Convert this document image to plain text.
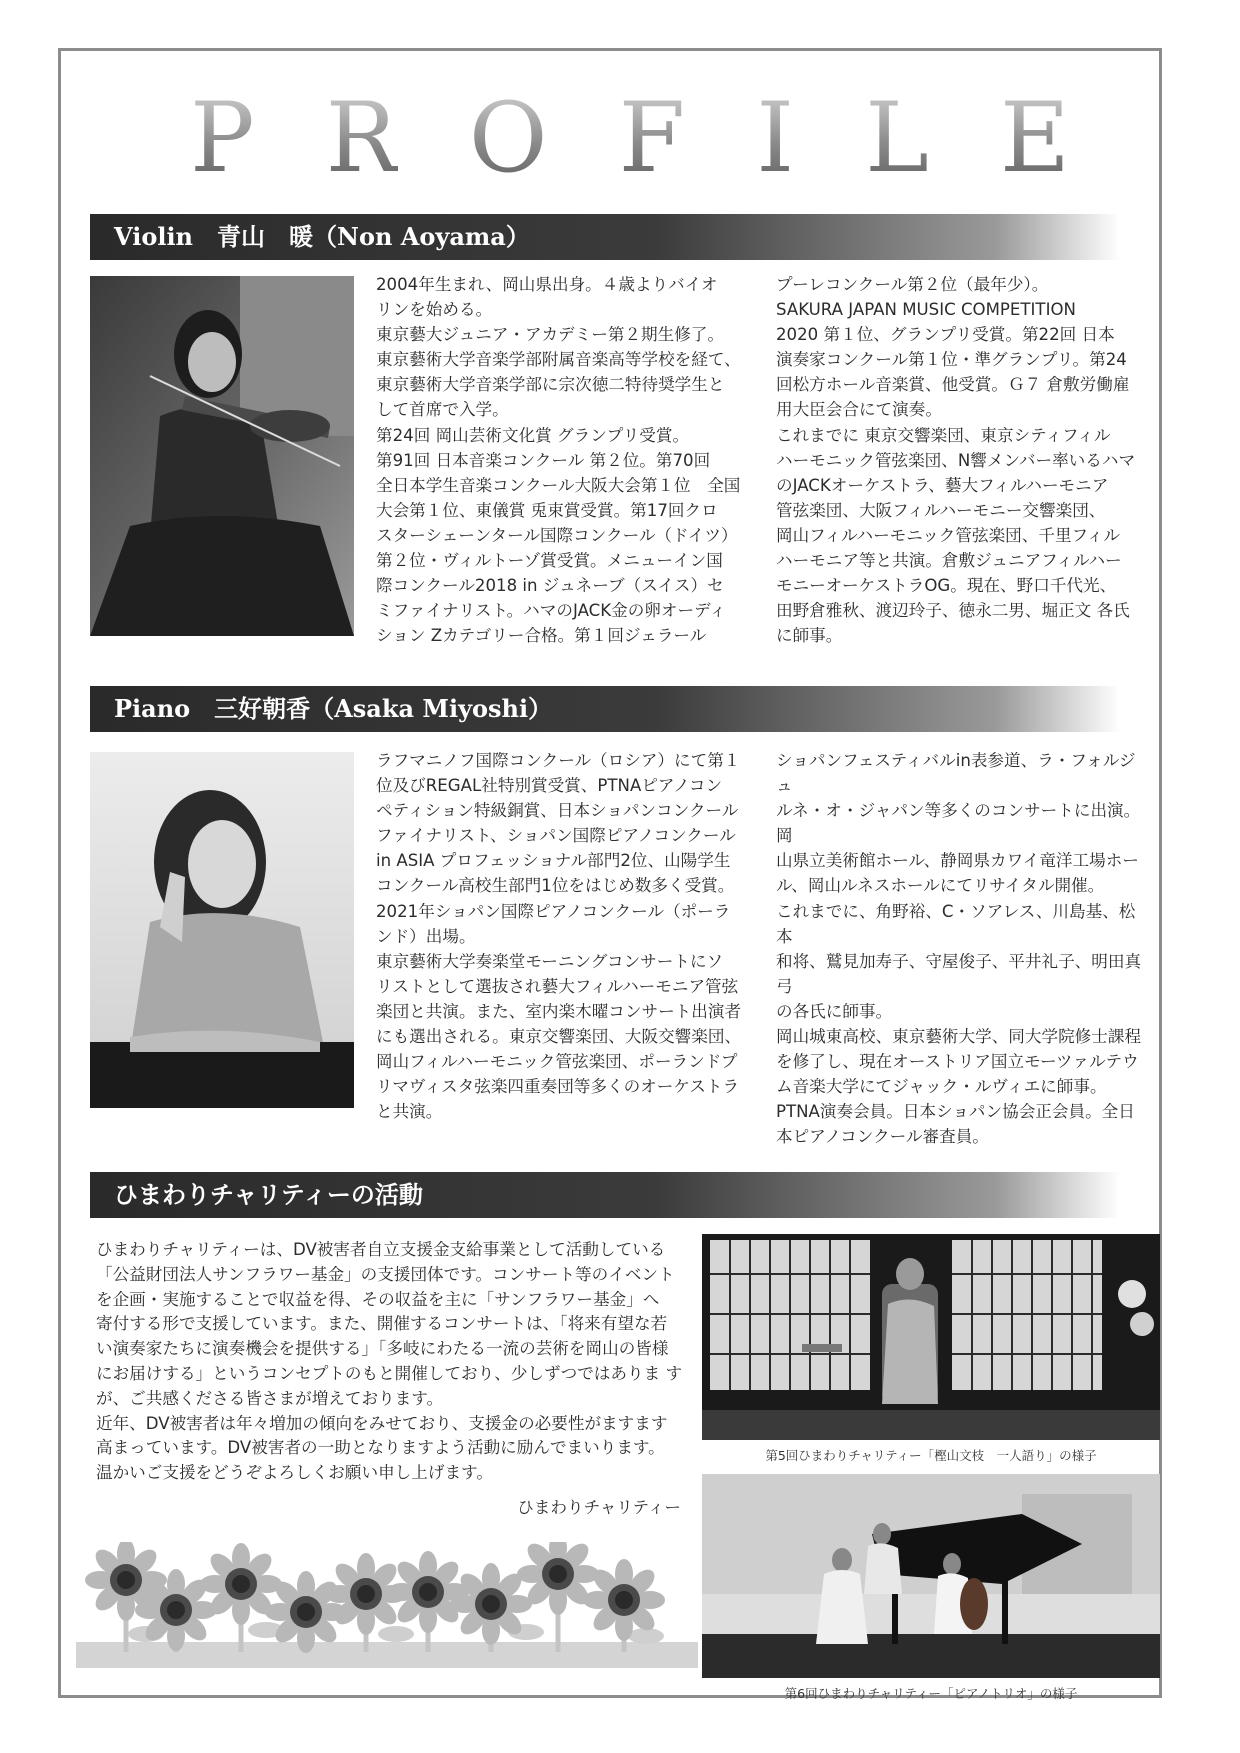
P R O F I L E
Violin　青山　暖（Non Aoyama）
2004年生まれ、岡山県出身。４歳よりバイオ
リンを始める。
東京藝大ジュニア・アカデミー第２期生修了。
東京藝術大学音楽学部附属音楽高等学校を経て、
東京藝術大学音楽学部に宗次徳二特待奨学生と
して首席で入学。
第24回 岡山芸術文化賞 グランプリ受賞。
第91回 日本音楽コンクール 第２位。第70回
全日本学生音楽コンクール大阪大会第１位　全国
大会第１位、東儀賞 兎束賞受賞。第17回クロ
スターシェーンタール国際コンクール（ドイツ）
第２位・ヴィルトーゾ賞受賞。メニューイン国
際コンクール2018 in ジュネーブ（スイス）セ
ミファイナリスト。ハマのJACK金の卵オーディ
ション Zカテゴリー合格。第１回ジェラール
プーレコンクール第２位（最年少）。
SAKURA JAPAN MUSIC COMPETITION
2020 第１位、グランプリ受賞。第22回 日本
演奏家コンクール第１位・準グランプリ。第24
回松方ホール音楽賞、他受賞。Ｇ７ 倉敷労働雇
用大臣会合にて演奏。
これまでに 東京交響楽団、東京シティフィル
ハーモニック管弦楽団、N響メンバー率いるハマ
のJACKオーケストラ、藝大フィルハーモニア
管弦楽団、大阪フィルハーモニー交響楽団、
岡山フィルハーモニック管弦楽団、千里フィル
ハーモニア等と共演。倉敷ジュニアフィルハー
モニーオーケストラOG。現在、野口千代光、
田野倉雅秋、渡辺玲子、徳永二男、堀正文 各氏
に師事。
Piano　三好朝香（Asaka Miyoshi）
ラフマニノフ国際コンクール（ロシア）にて第１
位及びREGAL社特別賞受賞、PTNAピアノコン
ペティション特級銅賞、日本ショパンコンクール
ファイナリスト、ショパン国際ピアノコンクール
in ASIA プロフェッショナル部門2位、山陽学生
コンクール高校生部門1位をはじめ数多く受賞。
2021年ショパン国際ピアノコンクール（ポーラ
ンド）出場。
東京藝術大学奏楽堂モーニングコンサートにソ
リストとして選抜され藝大フィルハーモニア管弦
楽団と共演。また、室内楽木曜コンサート出演者
にも選出される。東京交響楽団、大阪交響楽団、
岡山フィルハーモニック管弦楽団、ポーランドプ
リマヴィスタ弦楽四重奏団等多くのオーケストラ
と共演。
ショパンフェスティバルin表参道、ラ・フォルジュ
ルネ・オ・ジャパン等多くのコンサートに出演。岡
山県立美術館ホール、静岡県カワイ竜洋工場ホー
ル、岡山ルネスホールにてリサイタル開催。
これまでに、角野裕、C・ソアレス、川島基、松本
和将、鷲見加寿子、守屋俊子、平井礼子、明田真弓
の各氏に師事。
岡山城東高校、東京藝術大学、同大学院修士課程
を修了し、現在オーストリア国立モーツァルテウ
ム音楽大学にてジャック・ルヴィエに師事。
PTNA演奏会員。日本ショパン協会正会員。全日
本ピアノコンクール審査員。
ひまわりチャリティーの活動
ひまわりチャリティーは、DV被害者自立支援金支給事業として活動している
「公益財団法人サンフラワー基金」の支援団体です。コンサート等のイベント
を企画・実施することで収益を得、その収益を主に「サンフラワー基金」へ
寄付する形で支援しています。また、開催するコンサートは、「将来有望な若
い演奏家たちに演奏機会を提供する」「多岐にわたる一流の芸術を岡山の皆様
にお届けする」というコンセプトのもと開催しており、少しずつではありま す
が、ご共感くださる皆さまが増えております。
近年、DV被害者は年々増加の傾向をみせており、支援金の必要性がますます
高まっています。DV被害者の一助となりますよう活動に励んでまいります。
温かいご支援をどうぞよろしくお願い申し上げます。
ひまわりチャリティー
第5回ひまわりチャリティー「樫山文枝　一人語り」の様子
第6回ひまわりチャリティー「ピアノトリオ」の様子
